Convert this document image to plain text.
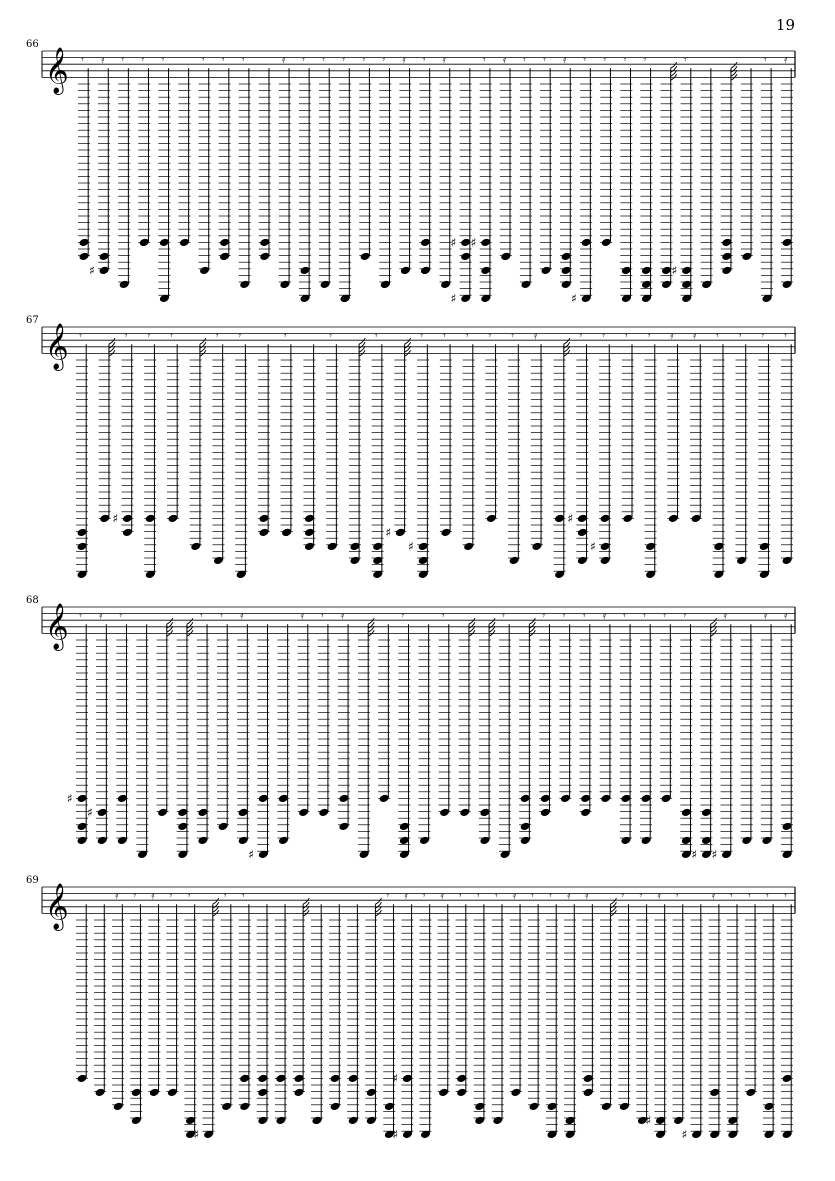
19
66
𝄞 𝄾 𝄿
♯
𝄾 𝄾 𝄾	𝄾 𝄾 𝄾	𝄿 𝄾 𝄾 𝄾 𝄾 𝄾 𝄿 𝄾 𝄿
♯
♯
𝄾
♯
𝄿 𝄾 𝄾 𝄿 𝄾
♯
𝄾 𝄾 𝄾	𝄾
♯
𝄾 𝄿
67
𝄞 𝄾	𝄾
♯
𝄾 𝄾	𝄾 𝄾	𝄾	𝄾	𝄾
♯
𝄾
♯
𝄾 𝄾 𝄾 𝄾 𝄿	𝄾
♯
𝄾
♯
𝄾 𝄾 𝄿 𝄿 𝄾 𝄾 𝄾 𝄾
68
𝄞 𝄾
♯
𝄿
♯
𝄾	𝄾 𝄾 𝄿
♯
𝄿 𝄾 𝄿	𝄾	𝄾	𝄾	𝄾 𝄾 𝄾 𝄿 𝄾 𝄾 𝄾 𝄾
♯
𝄿
♯
𝄿 𝄿
69
𝄞	𝄿 𝄾 𝄿 𝄾 𝄾
♯
𝄾 𝄾	𝄾 𝄿
♯
♯
𝄾 𝄿 𝄾 𝄾 𝄾 𝄿 𝄾 𝄾 𝄿 𝄿	𝄾 𝄾 𝄿
♯
𝄾
♯
𝄿 𝄾 𝄾 𝄾 𝄾
